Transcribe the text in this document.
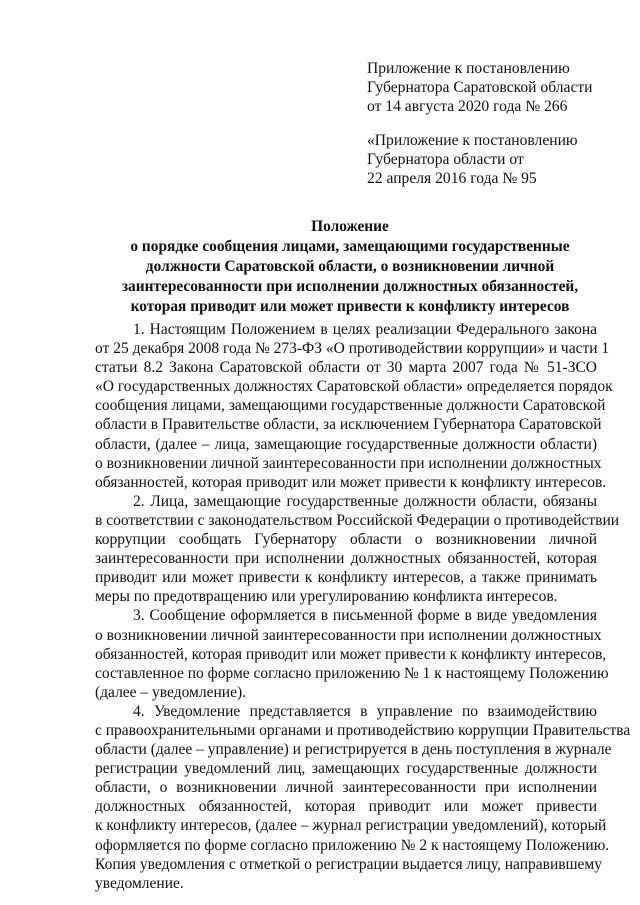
Приложение к постановлению
Губернатора Саратовской области
от 14 августа 2020 года № 266
«Приложение к постановлению
Губернатора области от
22 апреля 2016 года № 95
Положение
о порядке сообщения лицами, замещающими государственные
должности Саратовской области, о возникновении личной
заинтересованности при исполнении должностных обязанностей,
которая приводит или может привести к конфликту интересов
1. Настоящим Положением в целях реализации Федерального закона
от 25 декабря 2008 года № 273-ФЗ «О противодействии коррупции» и части 1
статьи 8.2 Закона Саратовской области от 30 марта 2007 года № 51-ЗСО
«О государственных должностях Саратовской области» определяется порядок
сообщения лицами, замещающими государственные должности Саратовской
области в Правительстве области, за исключением Губернатора Саратовской
области, (далее – лица, замещающие государственные должности области)
о возникновении личной заинтересованности при исполнении должностных
обязанностей, которая приводит или может привести к конфликту интересов.
2. Лица, замещающие государственные должности области, обязаны
в соответствии с законодательством Российской Федерации о противодействии
коррупции сообщать Губернатору области о возникновении личной
заинтересованности при исполнении должностных обязанностей, которая
приводит или может привести к конфликту интересов, а также принимать
меры по предотвращению или урегулированию конфликта интересов.
3. Сообщение оформляется в письменной форме в виде уведомления
о возникновении личной заинтересованности при исполнении должностных
обязанностей, которая приводит или может привести к конфликту интересов,
составленное по форме согласно приложению № 1 к настоящему Положению
(далее – уведомление).
4. Уведомление представляется в управление по взаимодействию
с правоохранительными органами и противодействию коррупции Правительства
области (далее – управление) и регистрируется в день поступления в журнале
регистрации уведомлений лиц, замещающих государственные должности
области, о возникновении личной заинтересованности при исполнении
должностных обязанностей, которая приводит или может привести
к конфликту интересов, (далее – журнал регистрации уведомлений), который
оформляется по форме согласно приложению № 2 к настоящему Положению.
Копия уведомления с отметкой о регистрации выдается лицу, направившему
уведомление.
